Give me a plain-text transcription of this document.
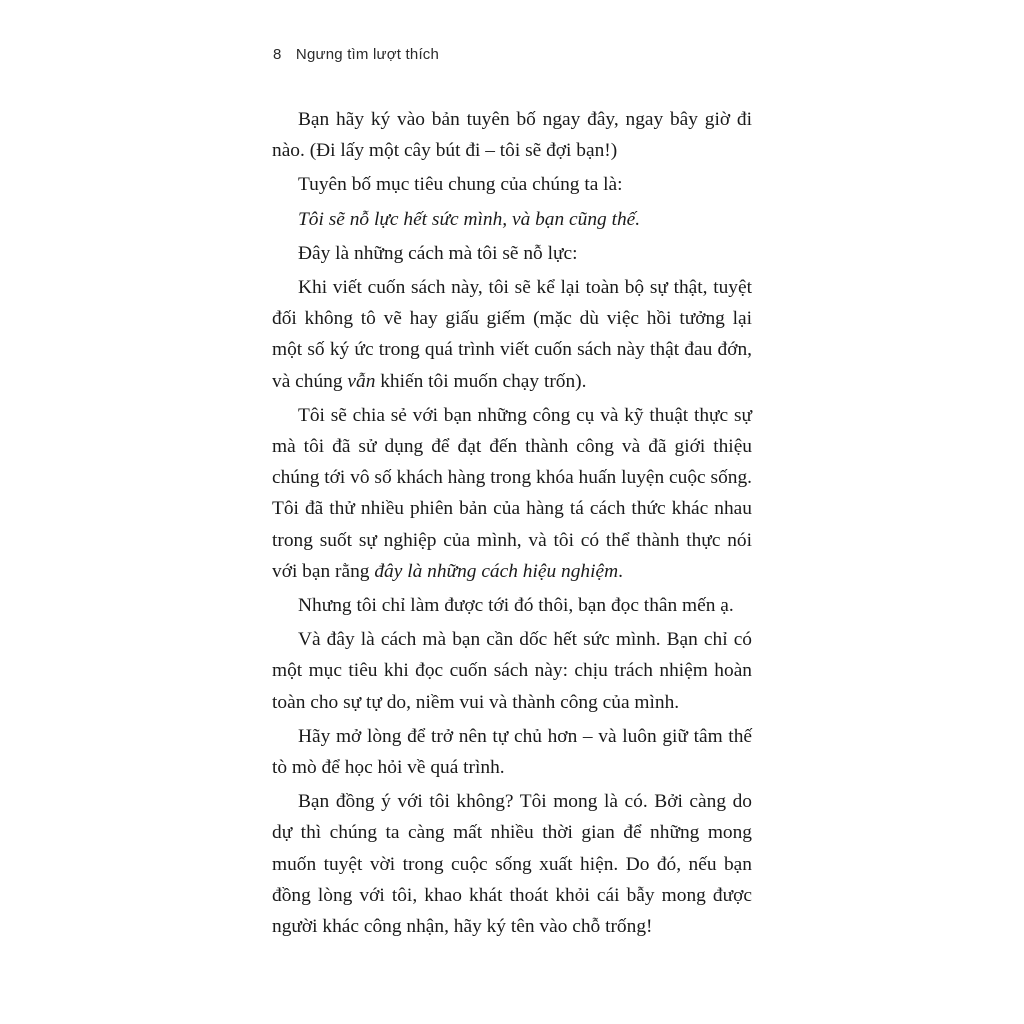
8 Ngưng tìm lượt thích

Bạn hãy ký vào bản tuyên bố ngay đây, ngay bây giờ đi nào. (Đi lấy một cây bút đi – tôi sẽ đợi bạn!)

Tuyên bố mục tiêu chung của chúng ta là:

Tôi sẽ nỗ lực hết sức mình, và bạn cũng thế.

Đây là những cách mà tôi sẽ nỗ lực:

Khi viết cuốn sách này, tôi sẽ kể lại toàn bộ sự thật, tuyệt đối không tô vẽ hay giấu giếm (mặc dù việc hồi tưởng lại một số ký ức trong quá trình viết cuốn sách này thật đau đớn, và chúng vẫn khiến tôi muốn chạy trốn).

Tôi sẽ chia sẻ với bạn những công cụ và kỹ thuật thực sự mà tôi đã sử dụng để đạt đến thành công và đã giới thiệu chúng tới vô số khách hàng trong khóa huấn luyện cuộc sống. Tôi đã thử nhiều phiên bản của hàng tá cách thức khác nhau trong suốt sự nghiệp của mình, và tôi có thể thành thực nói với bạn rằng đây là những cách hiệu nghiệm.

Nhưng tôi chỉ làm được tới đó thôi, bạn đọc thân mến ạ.

Và đây là cách mà bạn cần dốc hết sức mình. Bạn chỉ có một mục tiêu khi đọc cuốn sách này: chịu trách nhiệm hoàn toàn cho sự tự do, niềm vui và thành công của mình.

Hãy mở lòng để trở nên tự chủ hơn – và luôn giữ tâm thế tò mò để học hỏi về quá trình.

Bạn đồng ý với tôi không? Tôi mong là có. Bởi càng do dự thì chúng ta càng mất nhiều thời gian để những mong muốn tuyệt vời trong cuộc sống xuất hiện. Do đó, nếu bạn đồng lòng với tôi, khao khát thoát khỏi cái bẫy mong được người khác công nhận, hãy ký tên vào chỗ trống!
